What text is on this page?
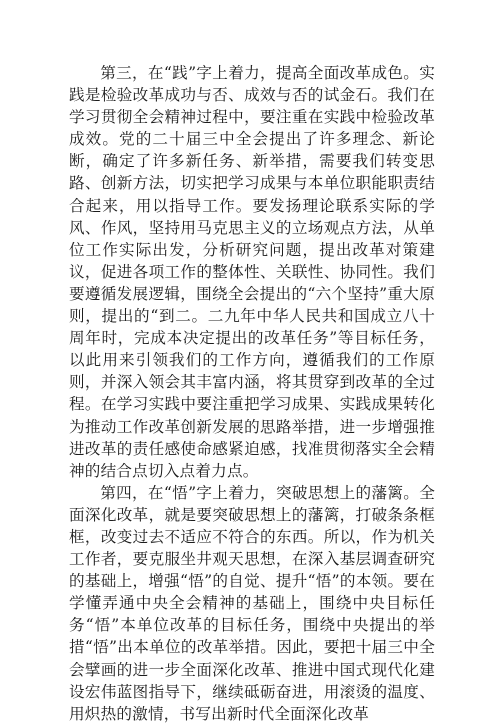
第三，在“践”字上着力，提高全面改革成色。实践是检验改革成功与否、成效与否的试金石。我们在学习贯彻全会精神过程中，要注重在实践中检验改革成效。党的二十届三中全会提出了许多理念、新论断，确定了许多新任务、新举措，需要我们转变思路、创新方法，切实把学习成果与本单位职能职责结合起来，用以指导工作。要发扬理论联系实际的学风、作风，坚持用马克思主义的立场观点方法，从单位工作实际出发，分析研究问题，提出改革对策建议，促进各项工作的整体性、关联性、协同性。我们要遵循发展逻辑，围绕全会提出的“六个坚持”重大原则，提出的“到二。二九年中华人民共和国成立八十周年时，完成本决定提出的改革任务”等目标任务，以此用来引领我们的工作方向，遵循我们的工作原则，并深入领会其丰富内涵，将其贯穿到改革的全过程。在学习实践中要注重把学习成果、实践成果转化为推动工作改革创新发展的思路举措，进一步增强推进改革的责任感使命感紧迫感，找准贯彻落实全会精神的结合点切入点着力点。

第四，在“悟”字上着力，突破思想上的藩篱。全面深化改革，就是要突破思想上的藩篱，打破条条框框，改变过去不适应不符合的东西。所以，作为机关工作者，要克服坐井观天思想，在深入基层调查研究的基础上，增强“悟”的自觉、提升“悟”的本领。要在学懂弄通中央全会精神的基础上，围绕中央目标任务“悟”本单位改革的目标任务，围绕中央提出的举措“悟”出本单位的改革举措。因此，要把十届三中全会擘画的进一步全面深化改革、推进中国式现代化建设宏伟蓝图指导下，继续砥砺奋进，用滚烫的温度、用炽热的激情，书写出新时代全面深化改革
